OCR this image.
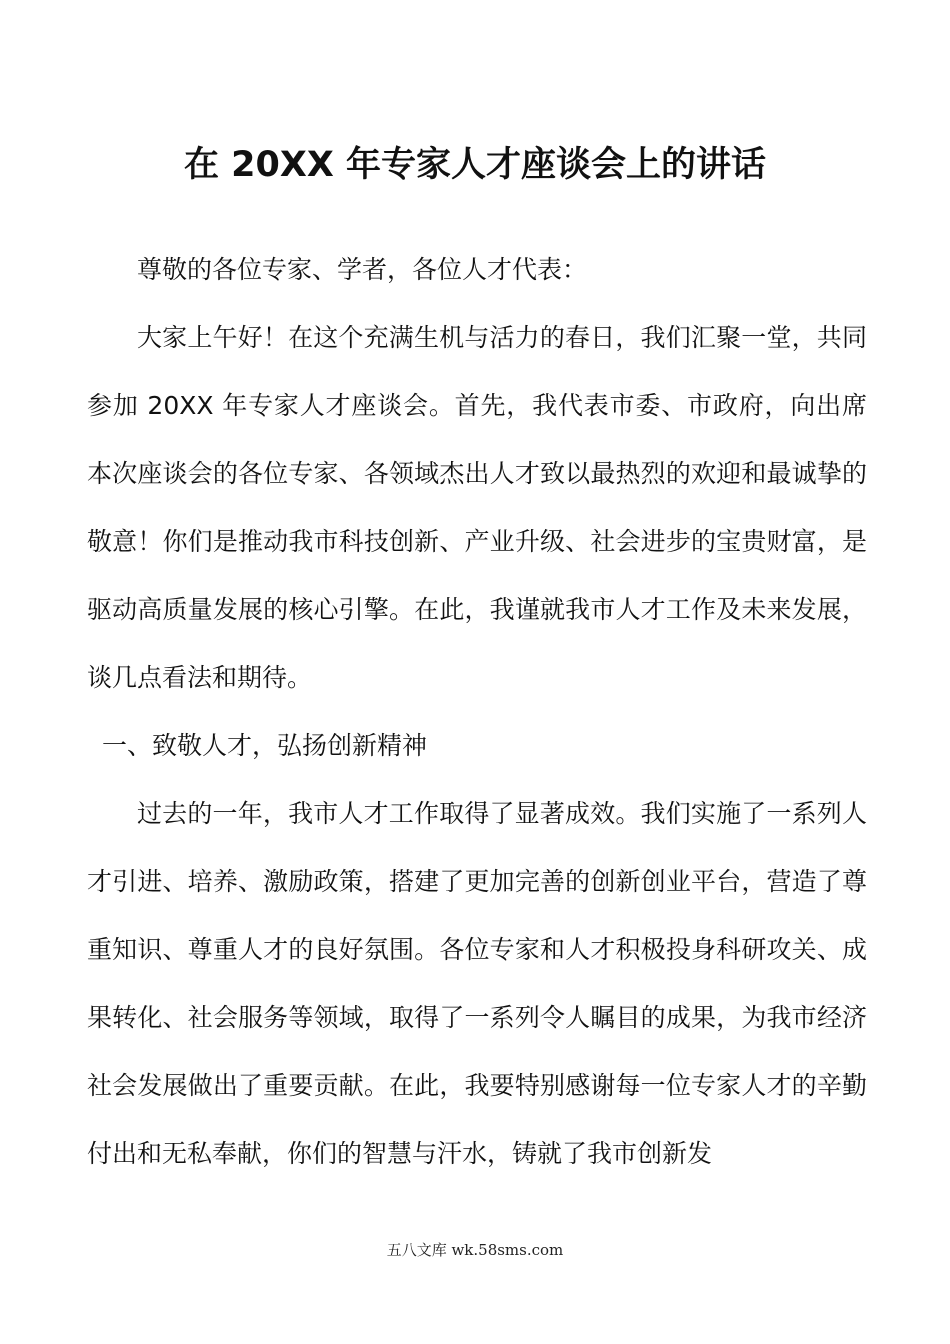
在 20XX 年专家人才座谈会上的讲话

尊敬的各位专家、学者，各位人才代表：

大家上午好！在这个充满生机与活力的春日，我们汇聚一堂，共同参加 20XX 年专家人才座谈会。首先，我代表市委、市政府，向出席本次座谈会的各位专家、各领域杰出人才致以最热烈的欢迎和最诚挚的敬意！你们是推动我市科技创新、产业升级、社会进步的宝贵财富，是驱动高质量发展的核心引擎。在此，我谨就我市人才工作及未来发展，谈几点看法和期待。

一、致敬人才，弘扬创新精神

过去的一年，我市人才工作取得了显著成效。我们实施了一系列人才引进、培养、激励政策，搭建了更加完善的创新创业平台，营造了尊重知识、尊重人才的良好氛围。各位专家和人才积极投身科研攻关、成果转化、社会服务等领域，取得了一系列令人瞩目的成果，为我市经济社会发展做出了重要贡献。在此，我要特别感谢每一位专家人才的辛勤付出和无私奉献，你们的智慧与汗水，铸就了我市创新发

五八文库 wk.58sms.com
